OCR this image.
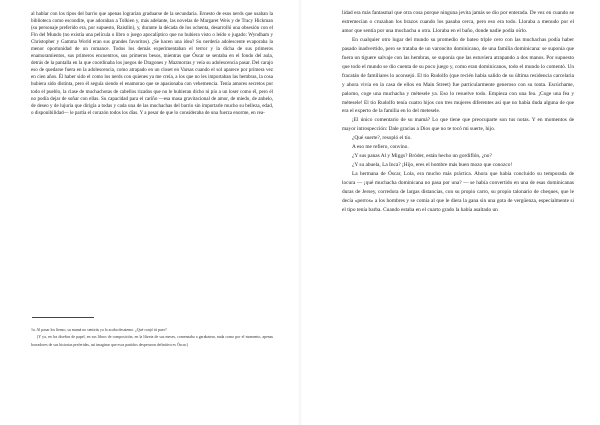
al hablar con los tipos del barrio que apenas lograrían graduarse de la secundaria. Ernesto de esos nerds que usaban la biblioteca como escondite, que adoraban a Tolkien y, más adelante, las novelas de Margaret Weis y de Tracy Hickman (su personaje preferido era, por supuesto, Raistlin), y, durante la década de los ochenta, desarrolló una obsesión con el Fin del Mundo (no existía una película o libro o juego apocalíptico que no hubiera visto o leído o jugado: Wyndham y Christopher y Gamma World eran sus grandes favoritos). ¿Se hacen una idea? Su nerdería adolescente evaporaba la menor oportunidad de un romance. Todos los demás experimentaban el terror y la dicha de sus primeros enamoramientos, sus primeros encuentros, sus primeros besos, mientras que Óscar se sentaba en el fondo del aula, detrás de la pantalla en la que coordinaba los juegos de Dragones y Mazmorras y veía su adolescencia pasar. Del carajo eso de quedarse fuera en la adolescencia, como atrapado en un closet en Varsas cuando el sol aparece por primera vez en cien años. Él haber sido el como los nerds con quienes ya me creía, a los que no les importaban las hembras, la cosa hubiera sido distinta, pero él seguía siendo el enamorao que se apasionaba con vehemencia. Tenía amores secretos por todo el pueblo, la clase de muchachotas de cabellos rizados que no le hubieran dicho ni pío a un loser como él, pero él no podía dejar de soñar con ellas. Su capacidad para el cariño —esa masa gravitacional de amor, de miedo, de anhelo, de deseo y de lujuria que dirigía a todas y cada una de las muchachas del barrio sin importarle mucho su belleza, edad, o disponibilidad— le partía el corazón todos los días. Y a pesar de que lo consideraba de una fuerza enorme, en rea-

1a. Al pasar los lienzo, su mamá no sentirás ya lo acaba desaiemo. ¿Qué conjó tú puer?

(Y ya, en los diseños de papel, en sus libros de composición, en la libreta de sus meses, comenzaba a garabatear, nada como por el momento, apenas borradores de sus historias preferidas, así imaginar que esos partidos desperaron definitiva es Óscar.)

lidad era más fantasmal que otra cosa porque ninguna jevita jamás se dio por enterada. De vez en cuando se estremecían o cruzaban los brazos cuando los pasaba cerca, pero eso era todo. Lloraba a menudo por el amor que sentía por una muchacha u otra. Lloraba en el baño, donde nadie podía oírlo.

En cualquier otro lugar del mundo su promedio de bateo triple cero con las muchachas podía haber pasado inadvertido, pero se trataba de un varoncito dominicano, de una familia dominicana: se suponía que fuera un tíguere salvaje con las hembras, se suponía que las estuviera atrapando a dos manos. Por supuesto que todo el mundo se dio cuenta de su poco juego y, como eran dominicanos, todo el mundo lo comentó. Un fracatán de familiares lo aconsejó. El tío Rudolfo (que recién había salido de su última residencia carcelaria y ahora vivía en la casa de ellos en Main Street) fue particularmente generoso con su tonta. Escúchame, palomo, coge una muchacha y métesele ya. Eso lo resuelve todo. Empieza con una fea. ¡Coge una fea y métesele! El tío Rudolfo tenía cuatro hijos con tres mujeres diferentes así que no había duda alguna de que era el experto de la familia en lo del metesele.

¡El único comentario de su mamá? Lo que tiene que preocuparte son tus notas. Y en momentos de mayor introspección: Dale gracias a Dios que no te tocó mi suerte, hijo.

¿Qué suerte?, resopló el tío.

A eso me refiero, convino.

¿Y sus panas Al y Miggs? Bróder, están hecho un gordiflón, ¿no?

¿Y su abuela, La Inca? ¡Hijo, eres el hombre más buen mozo que conozco!

La hermana de Óscar, Lola, era mucho más práctica. Ahora que había concluido su temporada de locura — ¡qué muchacha dominicana no pasa por una? — se había convertido en una de esas dominicanas duras de Jersey, corredora de largas distancias, con su propio carro, su propio talonario de cheques, que le decía «perros» a los hombres y se comía al que le diera la gana sin una gota de vergüenza, especialmente si el tipo tenía barba. Cuando estaba en el cuarto grado la había asaltado un
